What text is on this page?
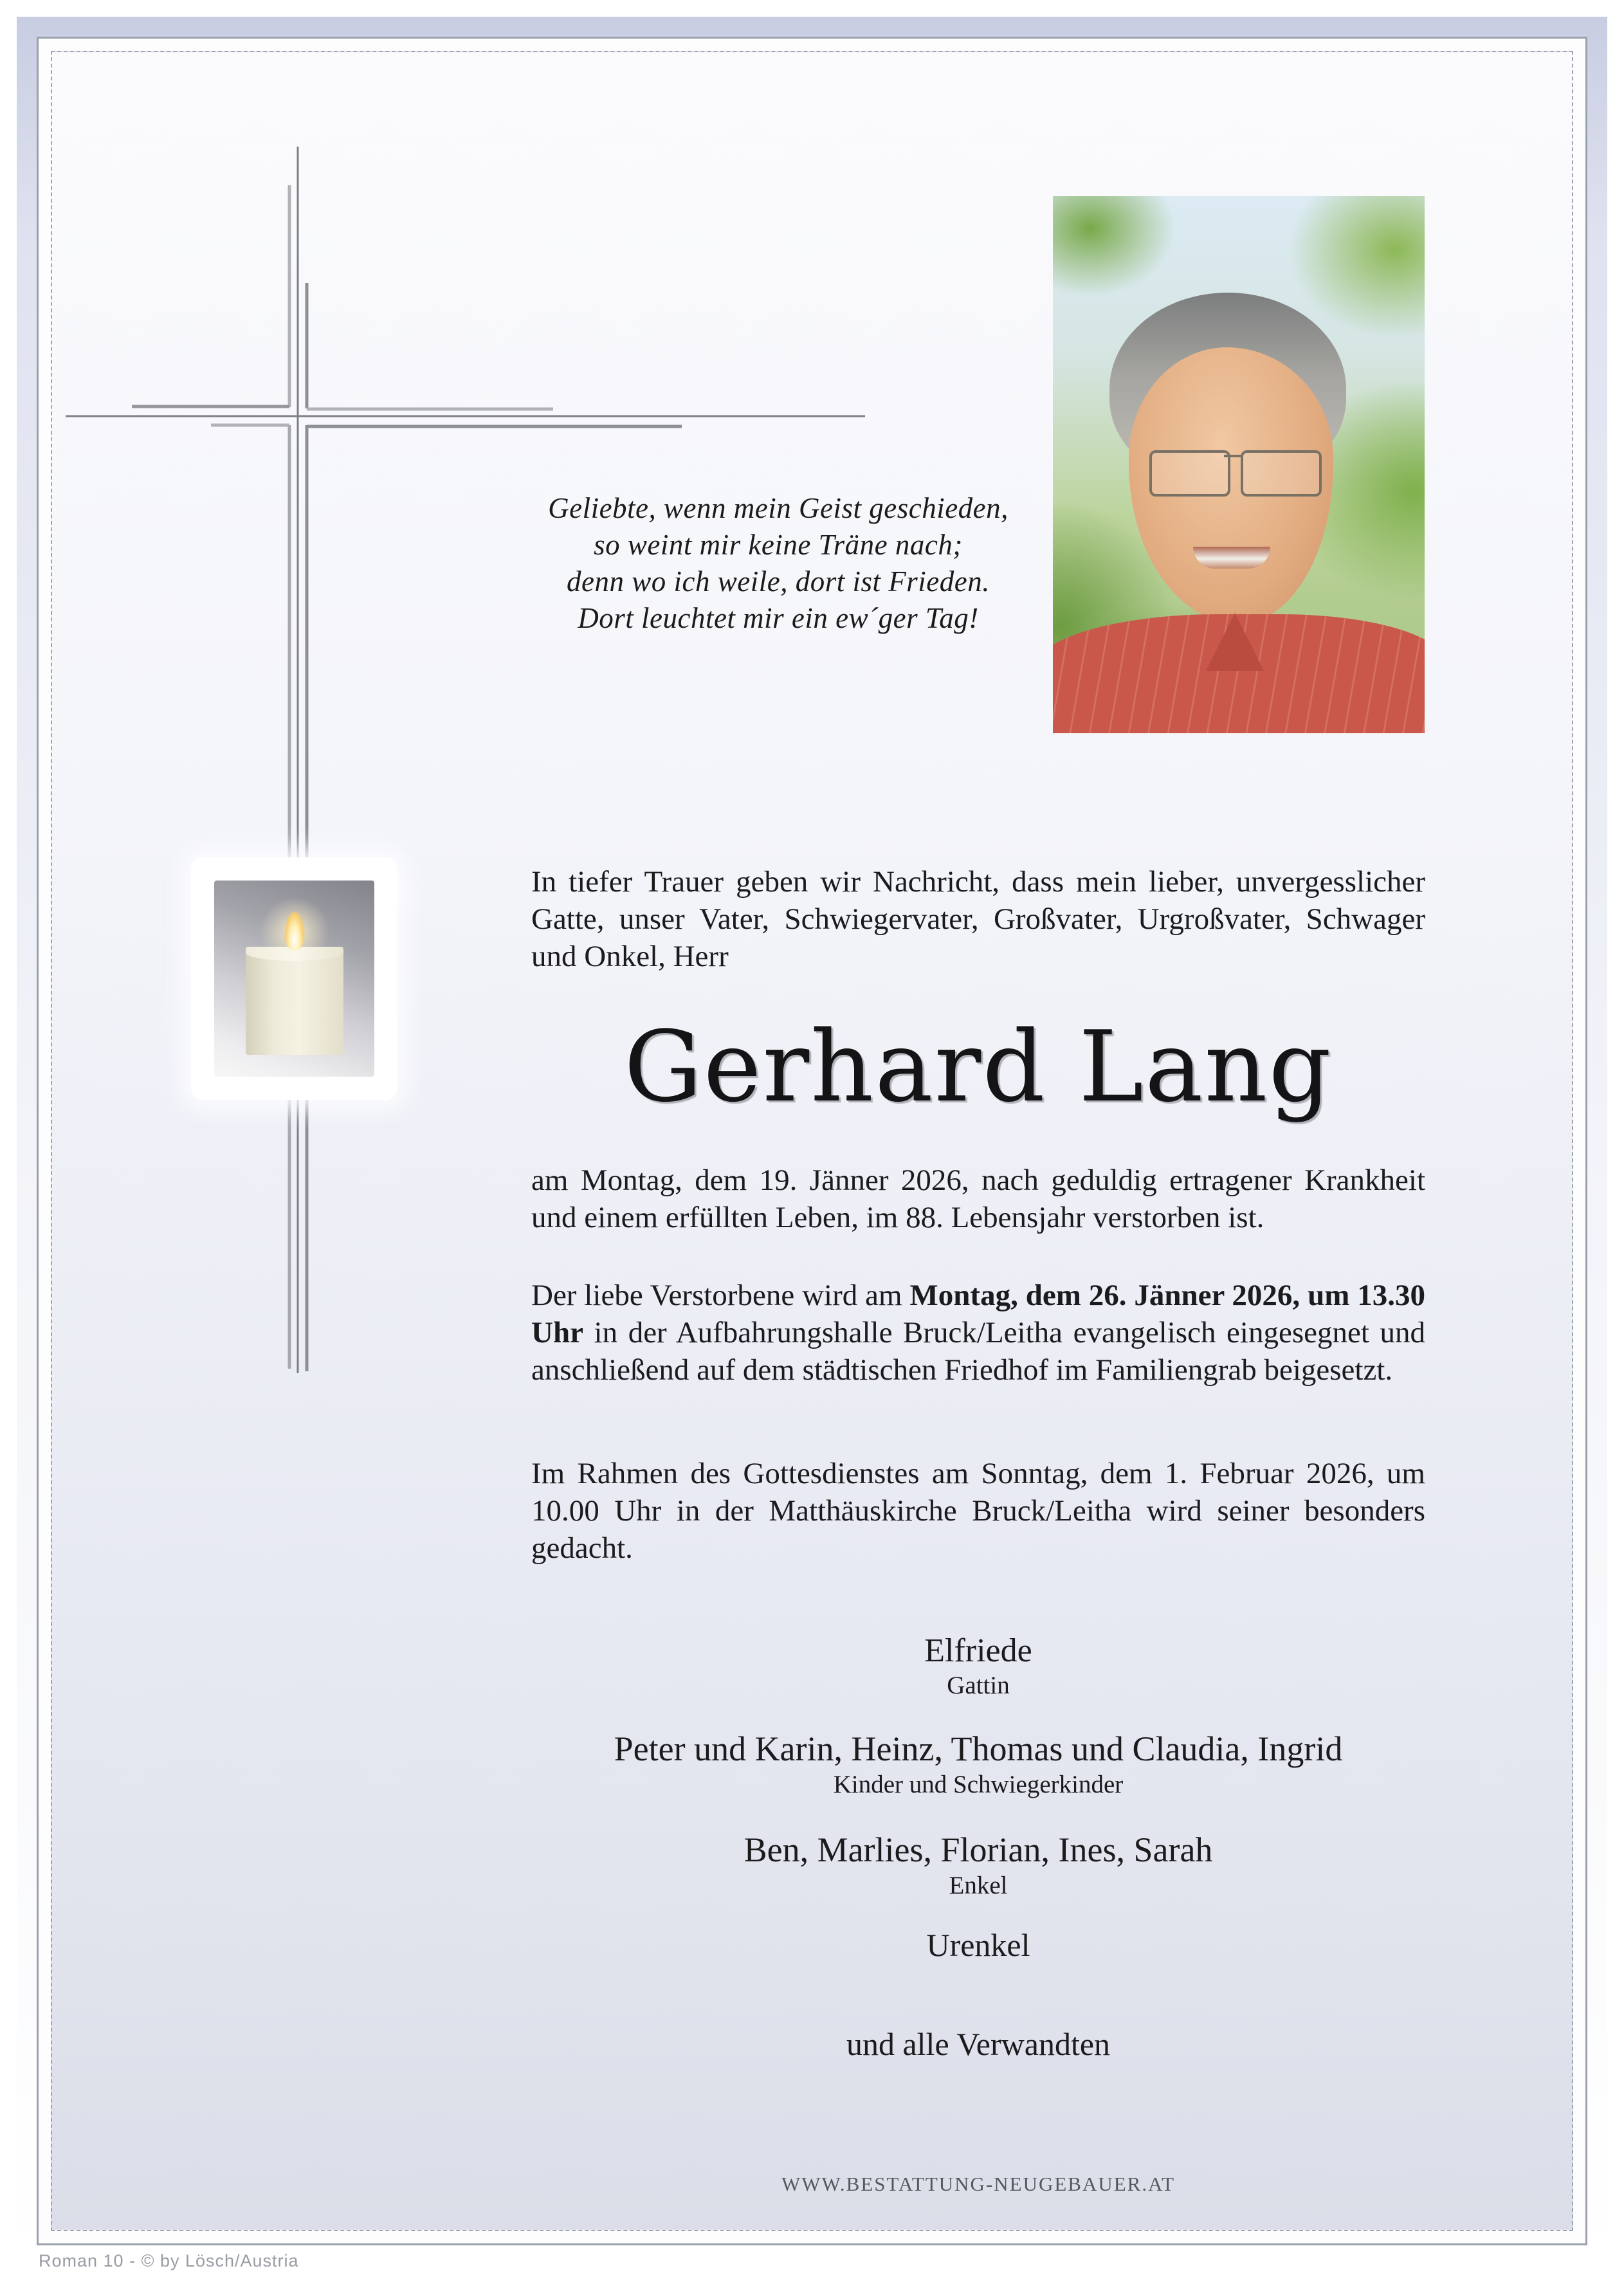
Geliebte, wenn mein Geist geschieden,
so weint mir keine Träne nach;
denn wo ich weile, dort ist Frieden.
Dort leuchtet mir ein ew´ger Tag!
In tiefer Trauer geben wir Nachricht, dass mein lieber, unvergesslicher Gatte, unser Vater, Schwiegervater, Großvater, Urgroßvater, Schwager und Onkel, Herr
Gerhard Lang
am Montag, dem 19. Jänner 2026, nach geduldig ertragener Krankheit und einem erfüllten Leben, im 88. Lebensjahr verstorben ist.
Der liebe Verstorbene wird am Montag, dem 26. Jänner 2026, um 13.30 Uhr in der Aufbahrungshalle Bruck/Leitha evangelisch eingesegnet und anschließend auf dem städtischen Friedhof im Familiengrab beigesetzt.
Im Rahmen des Gottesdienstes am Sonntag, dem 1. Februar 2026, um 10.00 Uhr in der Matthäuskirche Bruck/Leitha wird seiner besonders gedacht.
Elfriede
Gattin
Peter und Karin, Heinz, Thomas und Claudia, Ingrid
Kinder und Schwiegerkinder
Ben, Marlies, Florian, Ines, Sarah
Enkel
Urenkel
und alle Verwandten
WWW.BESTATTUNG-NEUGEBAUER.AT
Roman 10 - © by Lösch/Austria
